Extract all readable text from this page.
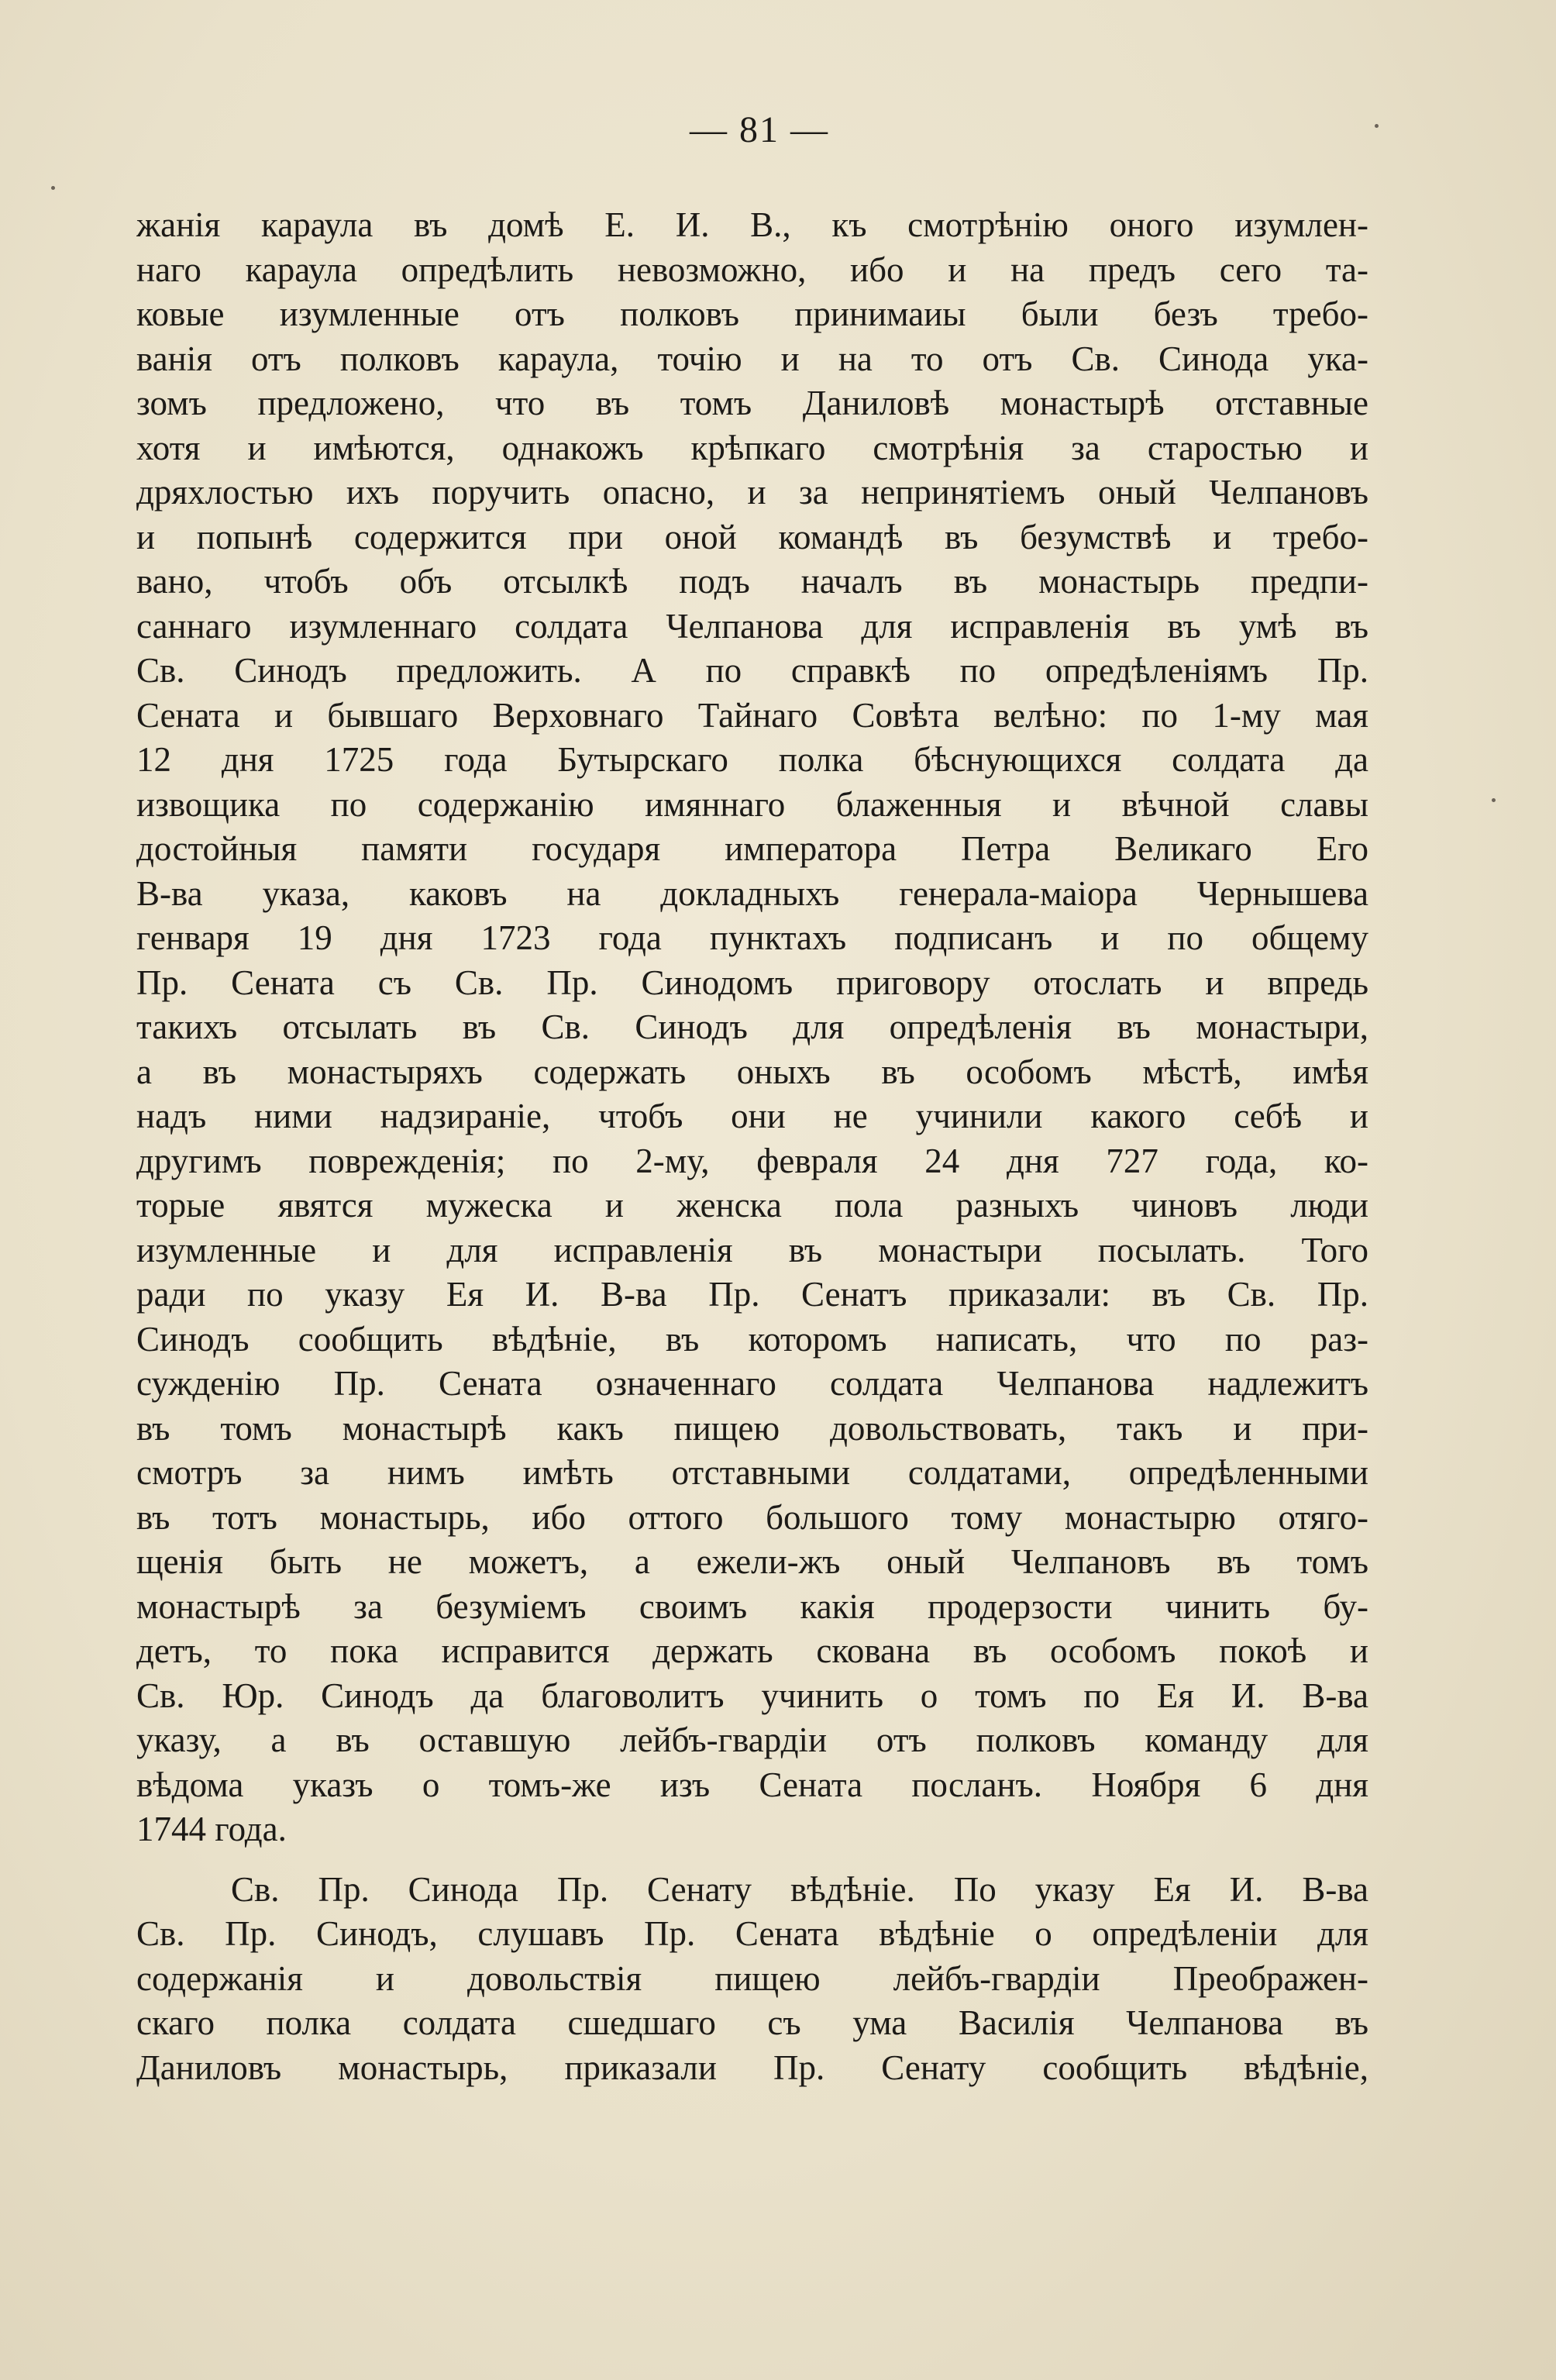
— 81 —
жанія караула въ домѣ Е. И. В., къ смотрѣнію оного изумлен-
наго караула опредѣлить невозможно, ибо и на предъ сего та-
ковые изумленные отъ полковъ принимаиы были безъ требо-
ванія отъ полковъ караула, точію и на то отъ Св. Синода ука-
зомъ предложено, что въ томъ Даниловѣ монастырѣ отставные
хотя и имѣются, однакожъ крѣпкаго смотрѣнія за старостью и
дряхлостью ихъ поручить опасно, и за непринятіемъ оный Челпановъ
и попынѣ содержится при оной командѣ въ безумствѣ и требо-
вано, чтобъ объ отсылкѣ подъ началъ въ монастырь предпи-
саннаго изумленнаго солдата Челпанова для исправленія въ умѣ въ
Св. Синодъ предложить. А по справкѣ по опредѣленіямъ Пр.
Сената и бывшаго Верховнаго Тайнаго Совѣта велѣно: по 1-му мая
12 дня 1725 года Бутырскаго полка бѣснующихся солдата да
извощика по содержанію имяннаго блаженныя и вѣчной славы
достойныя памяти государя императора Петра Великаго Его
В-ва указа, каковъ на докладныхъ генерала-маіора Чернышева
генваря 19 дня 1723 года пунктахъ подписанъ и по общему
Пр. Сената съ Св. Пр. Синодомъ приговору отослать и впредь
такихъ отсылать въ Св. Синодъ для опредѣленія въ монастыри,
а въ монастыряхъ содержать оныхъ въ особомъ мѣстѣ, имѣя
надъ ними надзираніе, чтобъ они не учинили какого себѣ и
другимъ поврежденія; по 2-му, февраля 24 дня 727 года, ко-
торые явятся мужеска и женска пола разныхъ чиновъ люди
изумленные и для исправленія въ монастыри посылать. Того
ради по указу Ея И. В-ва Пр. Сенатъ приказали: въ Св. Пр.
Синодъ сообщить вѣдѣніе, въ которомъ написать, что по раз-
сужденію Пр. Сената означеннаго солдата Челпанова надлежитъ
въ томъ монастырѣ какъ пищею довольствовать, такъ и при-
смотръ за нимъ имѣть отставными солдатами, опредѣленными
въ тотъ монастырь, ибо оттого большого тому монастырю отяго-
щенія быть не можетъ, а ежели-жъ оный Челпановъ въ томъ
монастырѣ за безуміемъ своимъ какія продерзости чинить бу-
детъ, то пока исправится держать скована въ особомъ покоѣ и
Св. Юр. Синодъ да благоволитъ учинить о томъ по Ея И. В-ва
указу, а въ оставшую лейбъ-гвардіи отъ полковъ команду для
вѣдома указъ о томъ-же изъ Сената посланъ. Ноября 6 дня
1744 года.
Св. Пр. Синода Пр. Сенату вѣдѣніе. По указу Ея И. В-ва
Св. Пр. Синодъ, слушавъ Пр. Сената вѣдѣніе о опредѣленіи для
содержанія и довольствія пищею лейбъ-гвардіи Преображен-
скаго полка солдата сшедшаго съ ума Василія Челпанова въ
Даниловъ монастырь, приказали Пр. Сенату сообщить вѣдѣніе,
